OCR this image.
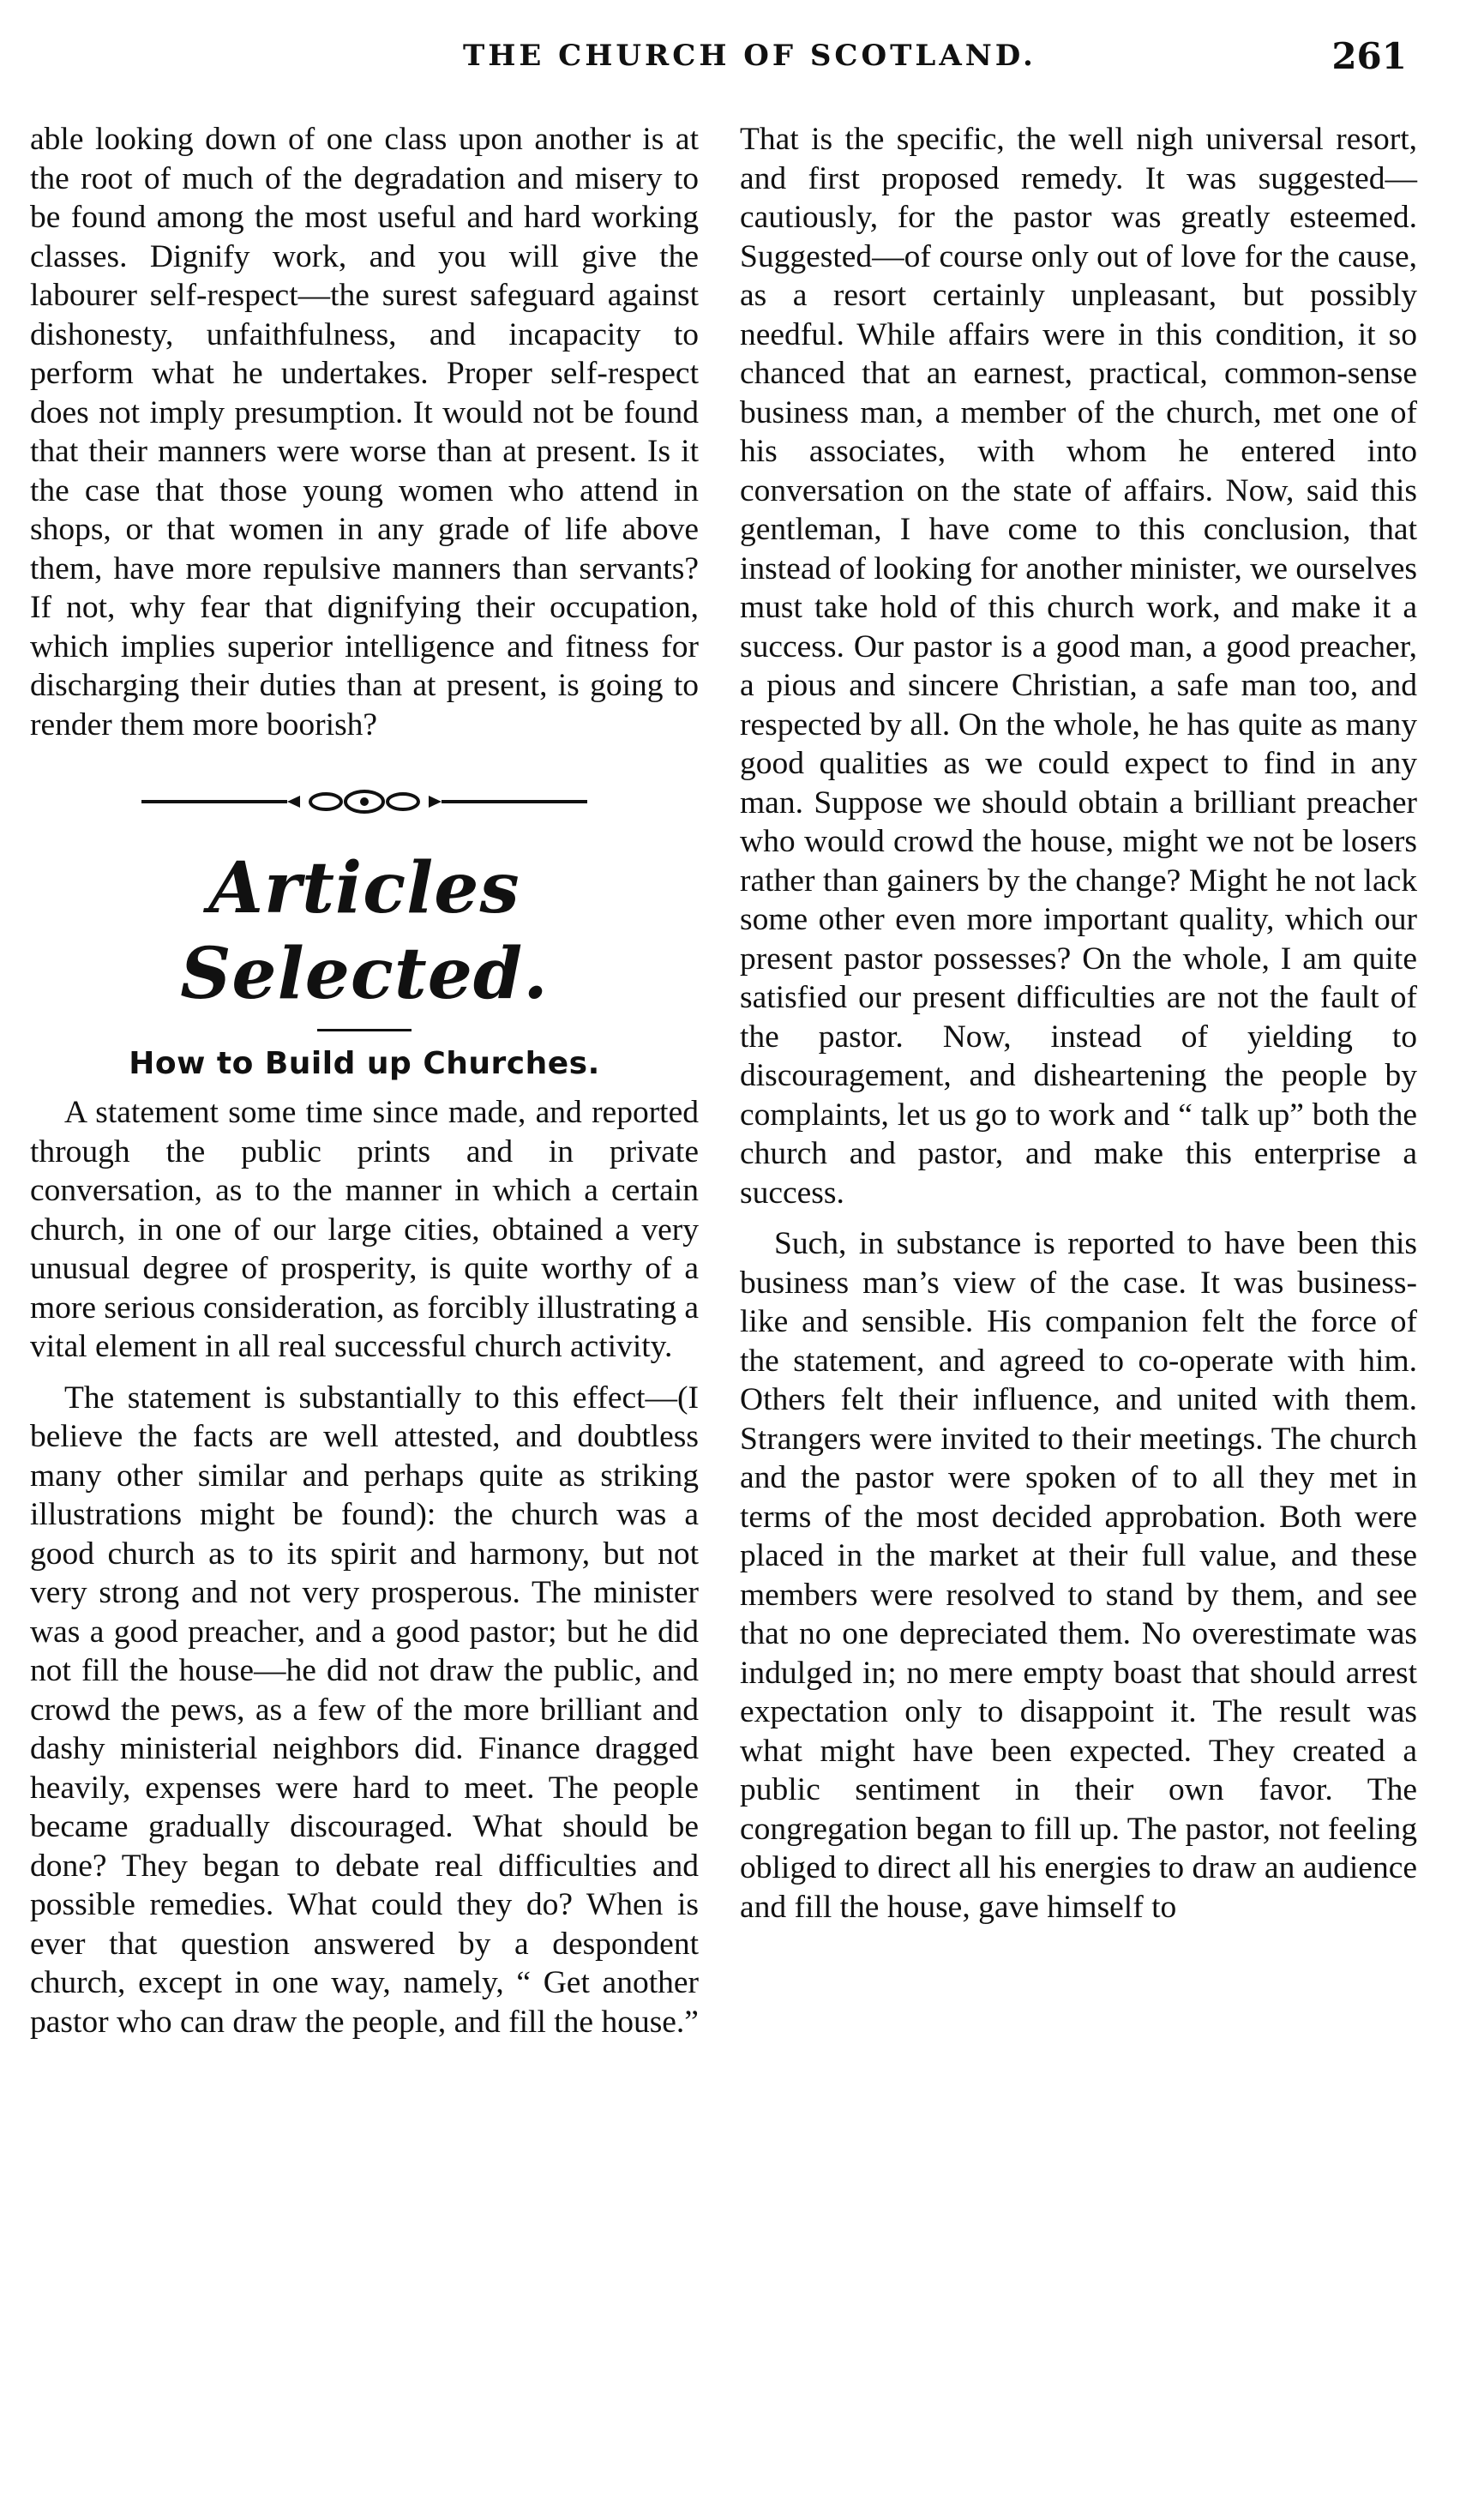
THE CHURCH OF SCOTLAND.	261

able looking down of one class upon another is at the root of much of the degradation and misery to be found among the most useful and hard working classes. Dignify work, and you will give the labourer self-respect—the surest safeguard against dishonesty, unfaithfulness, and incapacity to perform what he undertakes. Proper self-respect does not imply presumption. It would not be found that their manners were worse than at present. Is it the case that those young women who attend in shops, or that women in any grade of life above them, have more repulsive manners than servants? If not, why fear that dignifying their occupation, which implies superior intelligence and fitness for discharging their duties than at present, is going to render them more boorish?

Articles Selected.
How to Build up Churches.

A statement some time since made, and reported through the public prints and in private conversation, as to the manner in which a certain church, in one of our large cities, obtained a very unusual degree of prosperity, is quite worthy of a more serious consideration, as forcibly illustrating a vital element in all real successful church activity.

The statement is substantially to this effect—(I believe the facts are well attested, and doubtless many other similar and perhaps quite as striking illustrations might be found): the church was a good church as to its spirit and harmony, but not very strong and not very prosperous. The minister was a good preacher, and a good pastor; but he did not fill the house—he did not draw the public, and crowd the pews, as a few of the more brilliant and dashy ministerial neighbors did. Finance dragged heavily, expenses were hard to meet. The people became gradually discouraged. What should be done? They began to debate real difficulties and possible remedies. What could they do? When is ever that question answered by a despondent church, except in one way, namely, “ Get another pastor who can draw the people, and fill the house.”

That is the specific, the well nigh universal resort, and first proposed remedy. It was suggested—cautiously, for the pastor was greatly esteemed. Suggested—of course only out of love for the cause, as a resort certainly unpleasant, but possibly needful. While affairs were in this condition, it so chanced that an earnest, practical, common-sense business man, a member of the church, met one of his associates, with whom he entered into conversation on the state of affairs. Now, said this gentleman, I have come to this conclusion, that instead of looking for another minister, we ourselves must take hold of this church work, and make it a success. Our pastor is a good man, a good preacher, a pious and sincere Christian, a safe man too, and respected by all. On the whole, he has quite as many good qualities as we could expect to find in any man. Suppose we should obtain a brilliant preacher who would crowd the house, might we not be losers rather than gainers by the change? Might he not lack some other even more important quality, which our present pastor possesses? On the whole, I am quite satisfied our present difficulties are not the fault of the pastor. Now, instead of yielding to discouragement, and disheartening the people by complaints, let us go to work and “ talk up” both the church and pastor, and make this enterprise a success.

Such, in substance is reported to have been this business man’s view of the case. It was business-like and sensible. His companion felt the force of the statement, and agreed to co-operate with him. Others felt their influence, and united with them. Strangers were invited to their meetings. The church and the pastor were spoken of to all they met in terms of the most decided approbation. Both were placed in the market at their full value, and these members were resolved to stand by them, and see that no one depreciated them. No overestimate was indulged in; no mere empty boast that should arrest expectation only to disappoint it. The result was what might have been expected. They created a public sentiment in their own favor. The congregation began to fill up. The pastor, not feeling obliged to direct all his energies to draw an audience and fill the house, gave himself to
